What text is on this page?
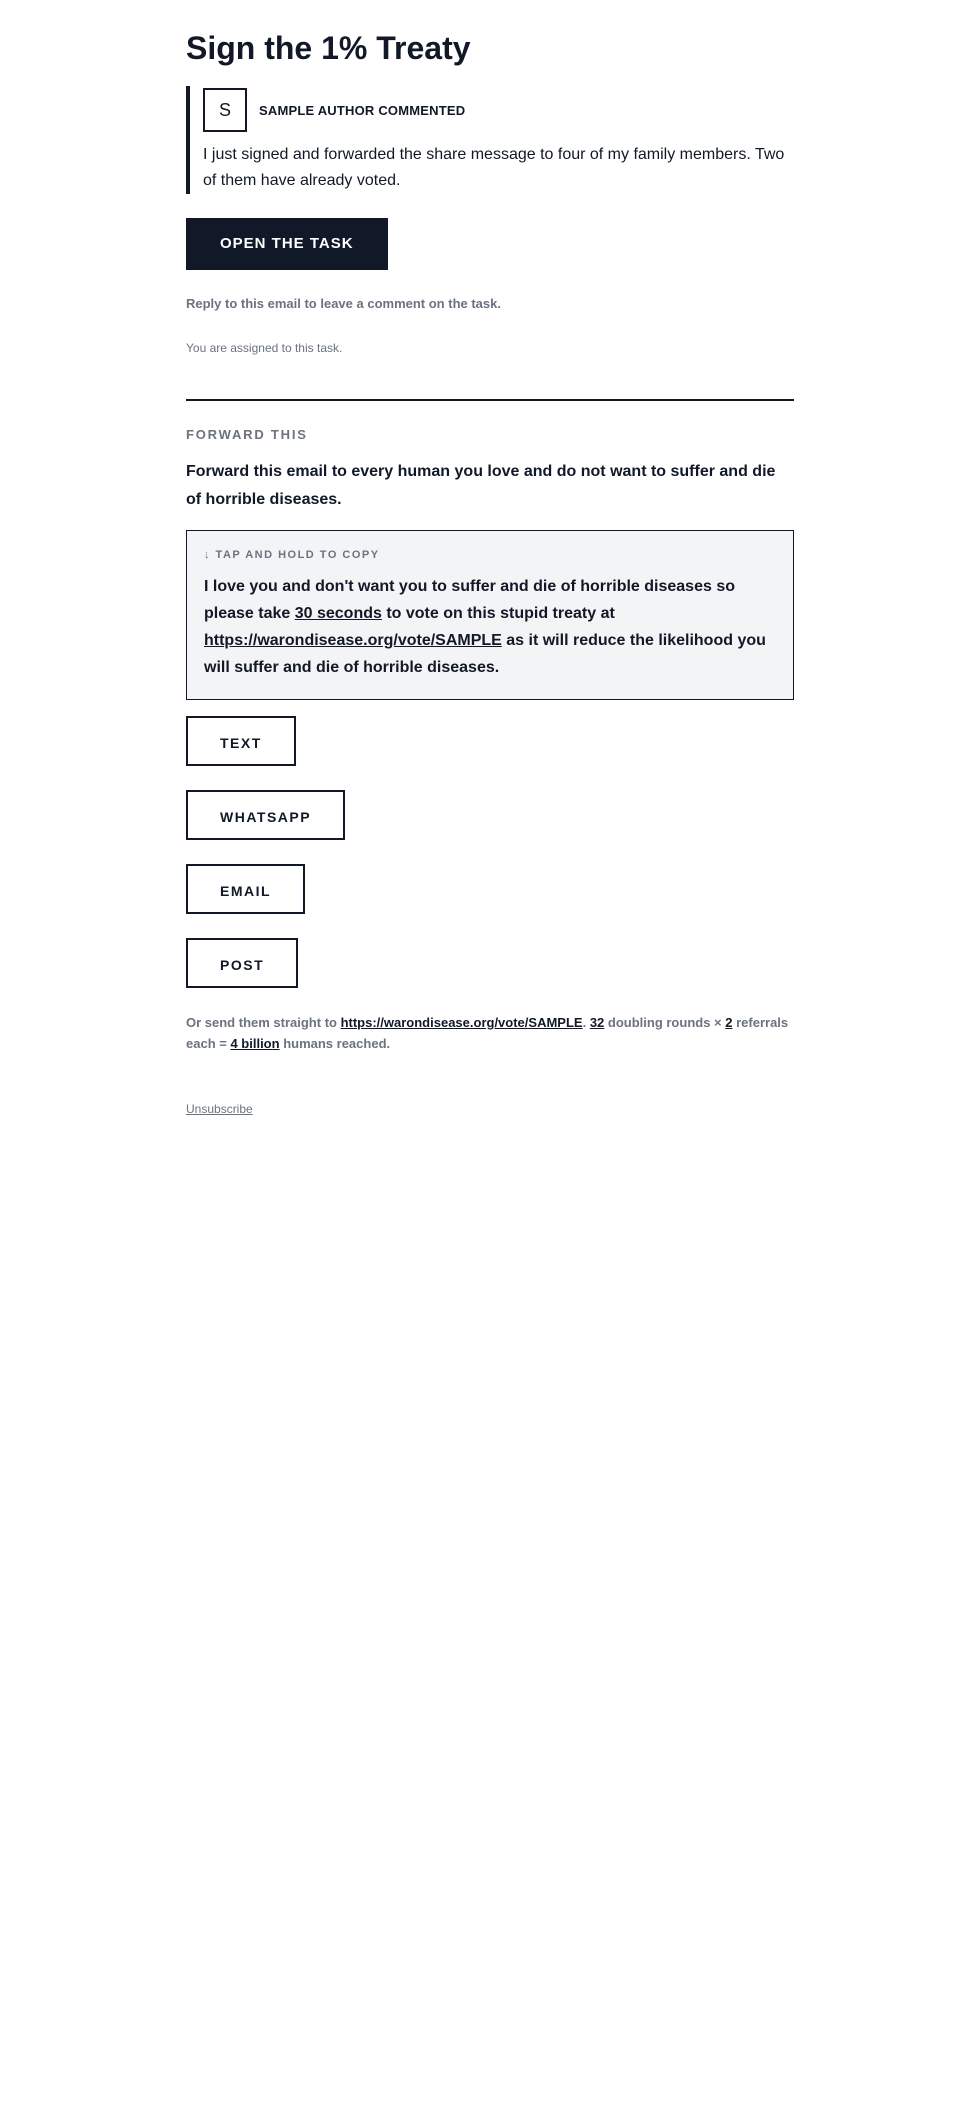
Sign the 1% Treaty
S	SAMPLE AUTHOR COMMENTED
I just signed and forwarded the share message to four of my family members. Two of them have already voted.
OPEN THE TASK
Reply to this email to leave a comment on the task.
You are assigned to this task.
FORWARD THIS
Forward this email to every human you love and do not want to suffer and die of horrible diseases.
↓ TAP AND HOLD TO COPY
I love you and don't want you to suffer and die of horrible diseases so please take 30 seconds to vote on this stupid treaty at https://warondisease.org/vote/SAMPLE as it will reduce the likelihood you will suffer and die of horrible diseases.
TEXT
WHATSAPP
EMAIL
POST
Or send them straight to https://warondisease.org/vote/SAMPLE. 32 doubling rounds × 2 referrals each = 4 billion humans reached.
Unsubscribe
